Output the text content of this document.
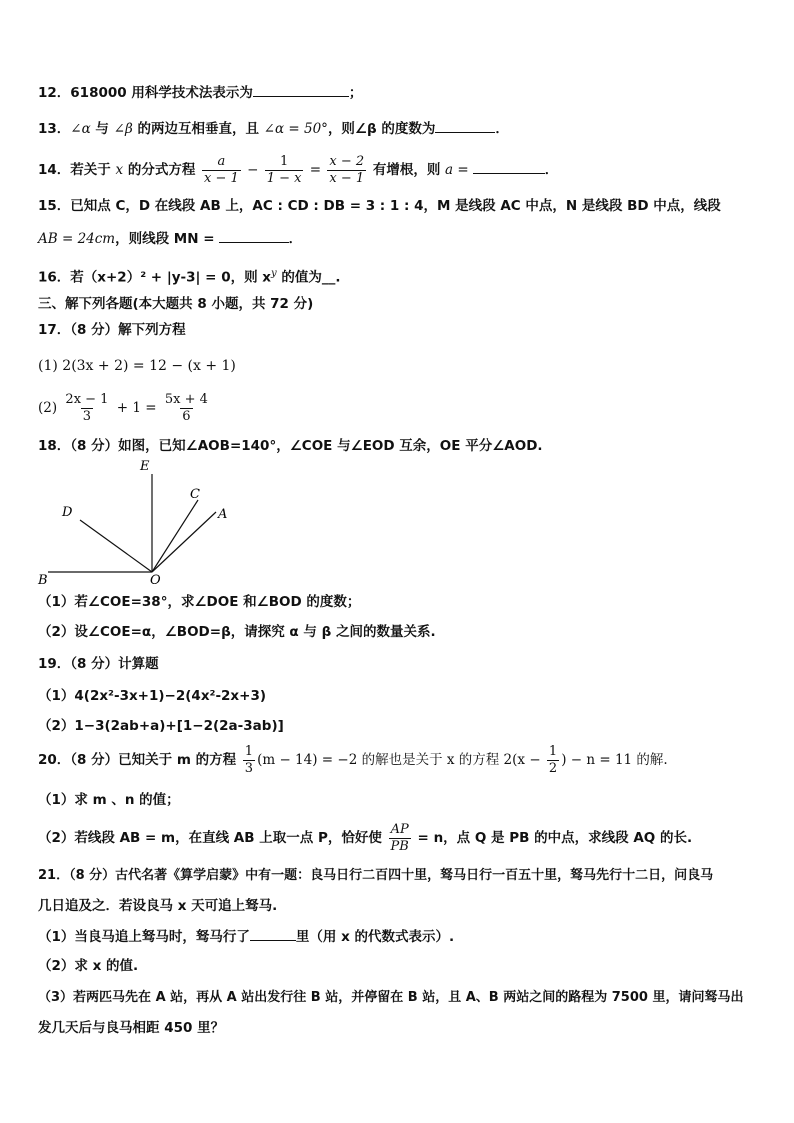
12．618000 用科学技术法表示为	；
13．∠α 与 ∠β 的两边互相垂直，且 ∠α = 50°，则∠β 的度数为	．
14．若关于 x 的分式方程 $\frac{a}{x - 1} - \frac{1}{1 - x} = \frac{x - 2}{x - 1}$ 有增根，则 a =	．
15．已知点 C，D 在线段 AB 上，AC : CD : DB = 3 : 1 : 4，M 是线段 AC 中点，N 是线段 BD 中点，线段
AB = 24cm，则线段 MN =	．
16．若（x+2）² + |y-3| = 0，则 $x^y$ 的值为__.
三、解下列各题(本大题共 8 小题，共 72 分)
17．（8 分）解下列方程
(1) 2(3x + 2) = 12 − (x + 1)
$(2) \frac{2x - 1}{3} + 1 = \frac{5x + 4}{6}$
18．（8 分）如图，已知∠AOB=140°，∠COE 与∠EOD 互余，OE 平分∠AOD.
E
C
D	A
B	O
（1）若∠COE=38°，求∠DOE 和∠BOD 的度数；
（2）设∠COE=α，∠BOD=β，请探究 α 与 β 之间的数量关系.
19．（8 分）计算题
（1）4(2x²-3x+1)−2(4x²-2x+3)
（2）1−3(2ab+a)+[1−2(2a-3ab)]
20．（8 分）已知关于 m 的方程 $\frac{1}{3} (m - 14) = -2$ 的解也是关于 x 的方程 $2(x - \frac{1}{2}$ ) − n = 11 的解.
（1）求 m 、n 的值；
（2）若线段 AB = m，在直线 AB 上取一点 P，恰好使 $\frac{AP}{PB} = n$，点 Q 是 PB 的中点，求线段 AQ 的长.
21．（8 分）古代名著《算学启蒙》中有一题：良马日行二百四十里，驽马日行一百五十里，驽马先行十二日，问良马
几日追及之．若设良马 x 天可追上驽马.
（1）当良马追上驽马时，驽马行了	里（用 x 的代数式表示）.
（2）求 x 的值.
（3）若两匹马先在 A 站，再从 A 站出发行往 B 站，并停留在 B 站，且 A、B 两站之间的路程为 7500 里，请问驽马出
发几天后与良马相距 450 里？
